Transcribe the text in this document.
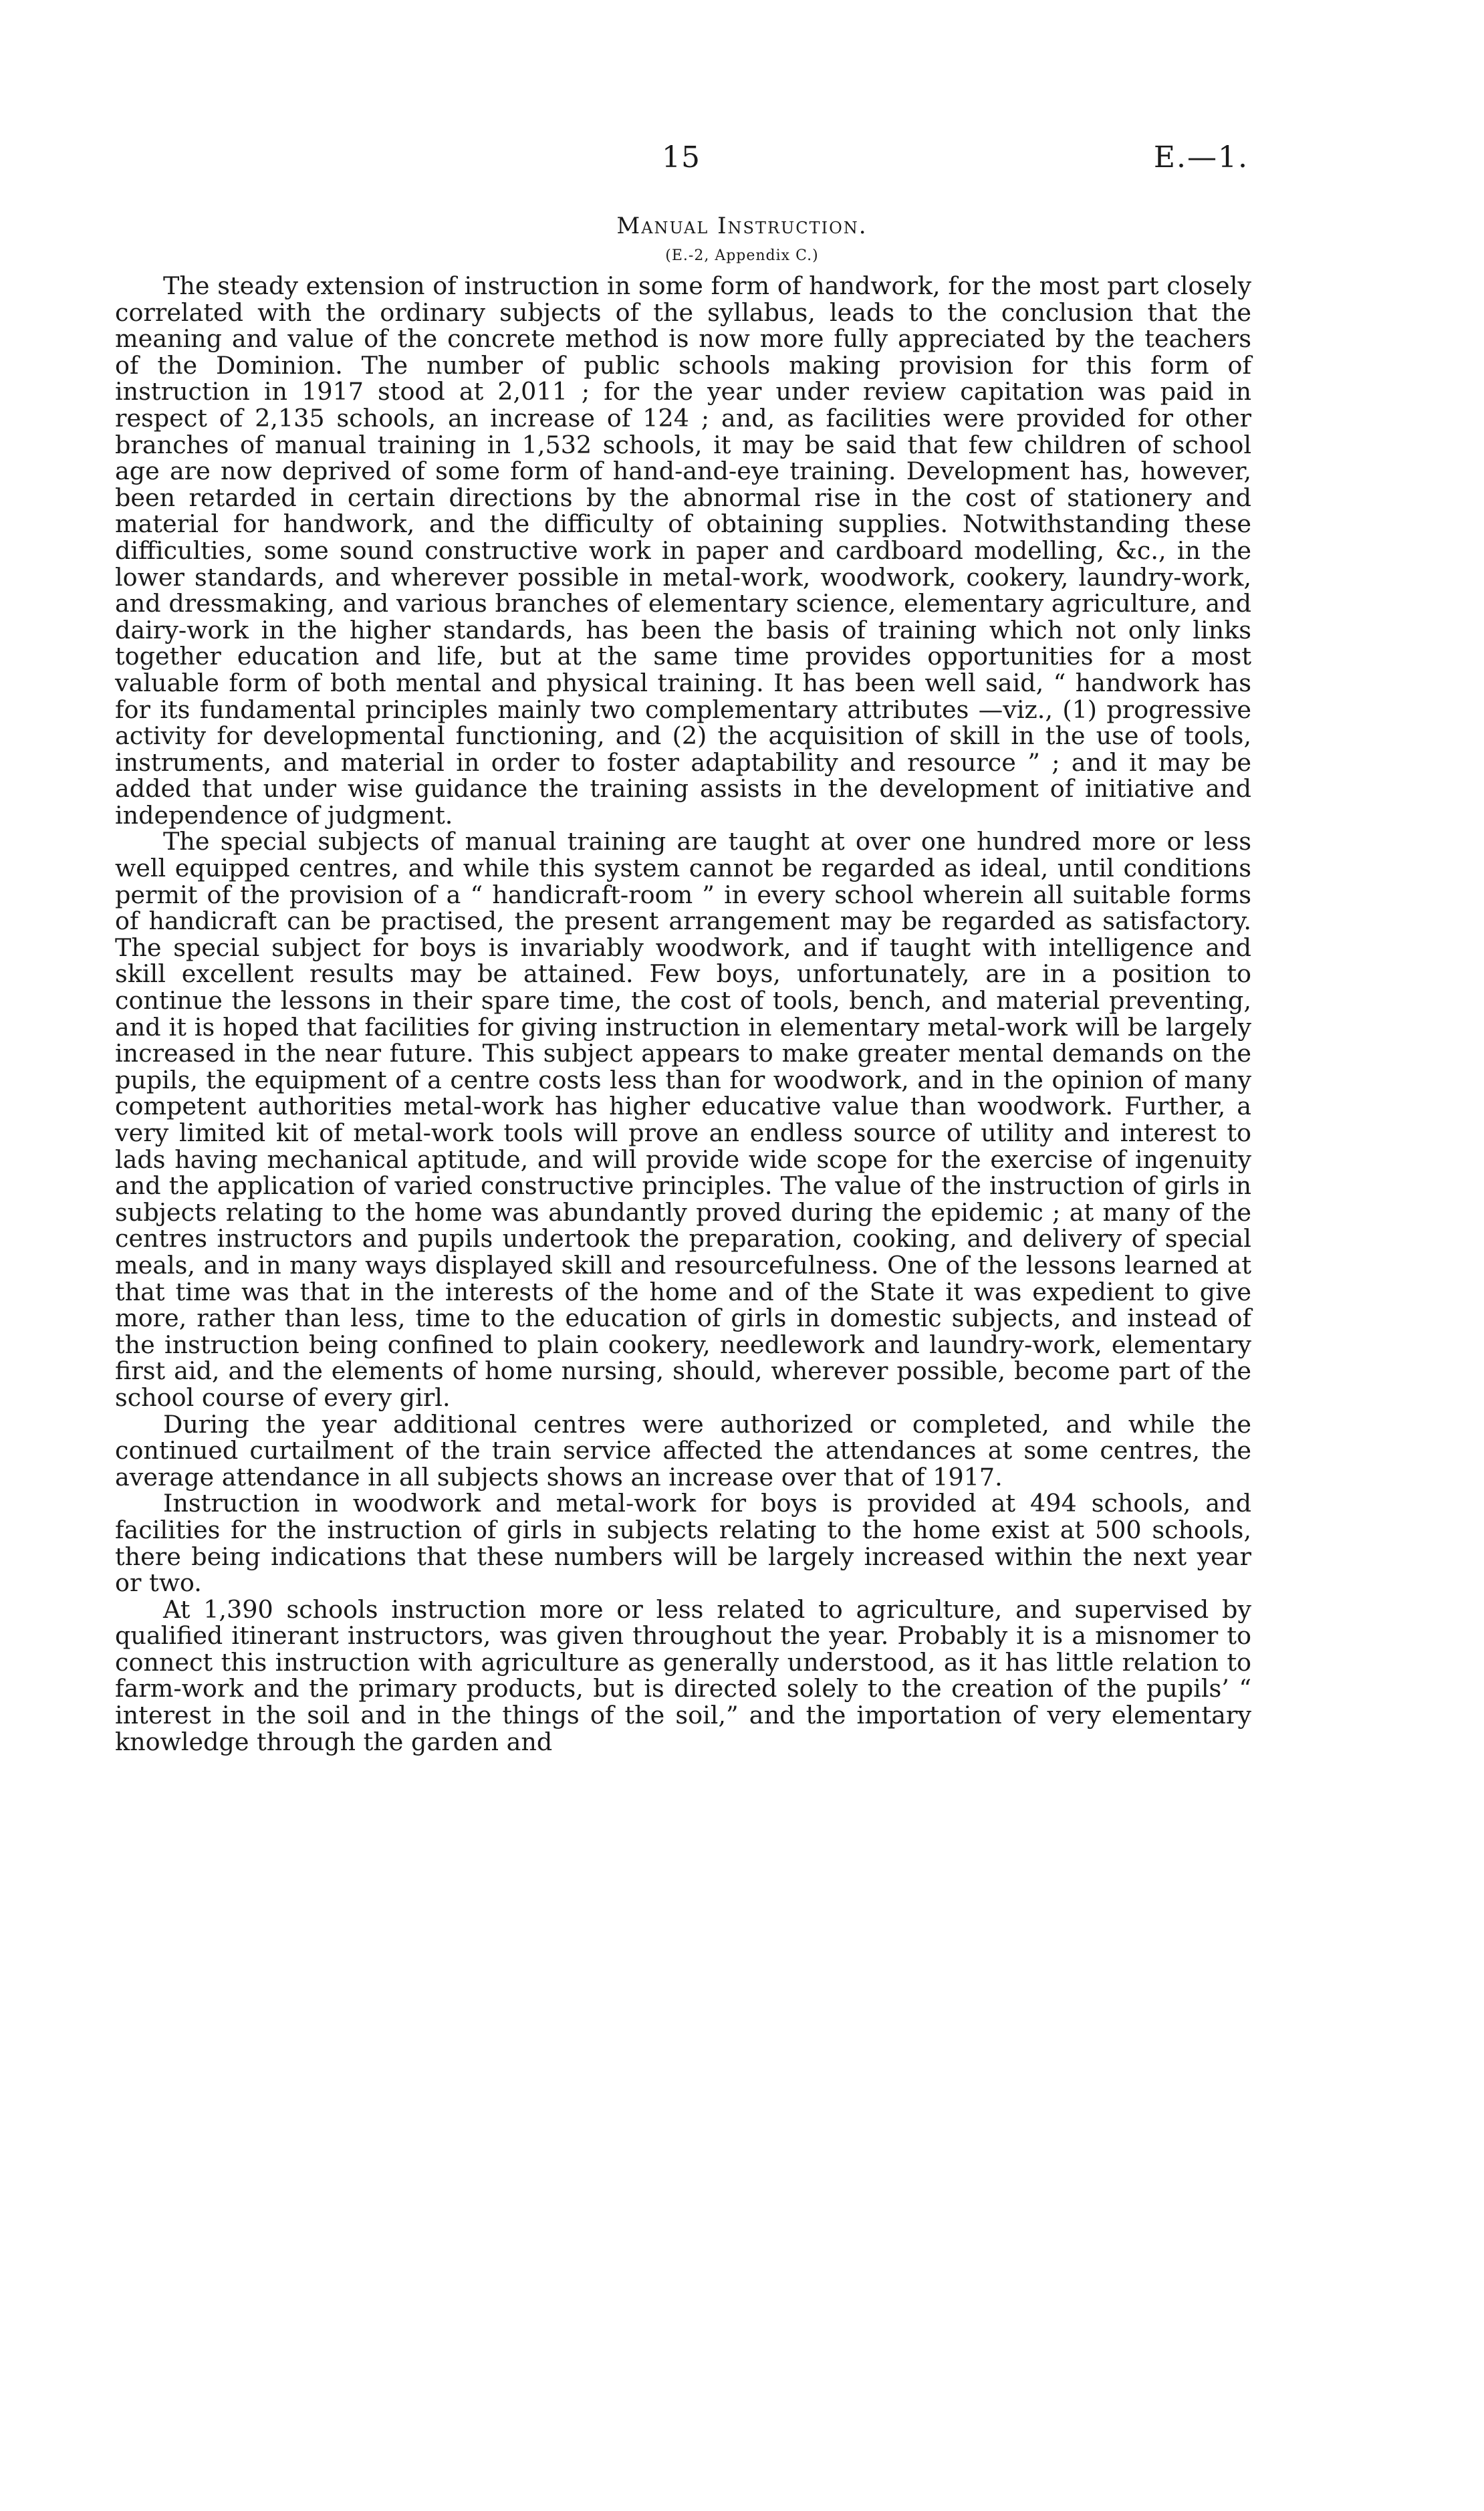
15	E.—1.
Manual Instruction.
(E.-2, Appendix C.)

The steady extension of instruction in some form of handwork, for the most part closely correlated with the ordinary subjects of the syllabus, leads to the conclusion that the meaning and value of the concrete method is now more fully appreciated by the teachers of the Dominion. The number of public schools making provision for this form of instruction in 1917 stood at 2,011 ; for the year under review capitation was paid in respect of 2,135 schools, an increase of 124 ; and, as facilities were provided for other branches of manual training in 1,532 schools, it may be said that few children of school age are now deprived of some form of hand-and-eye training. Development has, however, been retarded in certain directions by the abnormal rise in the cost of stationery and material for handwork, and the difficulty of obtaining supplies. Notwithstanding these difficulties, some sound constructive work in paper and cardboard modelling, &c., in the lower standards, and wherever possible in metal-work, woodwork, cookery, laundry-work, and dressmaking, and various branches of elementary science, elementary agriculture, and dairy-work in the higher standards, has been the basis of training which not only links together education and life, but at the same time provides opportunities for a most valuable form of both mental and physical training. It has been well said, “ handwork has for its fundamental principles mainly two complementary attributes —viz., (1) progressive activity for developmental functioning, and (2) the acquisition of skill in the use of tools, instruments, and material in order to foster adaptability and resource ” ; and it may be added that under wise guidance the training assists in the development of initiative and independence of judgment.

The special subjects of manual training are taught at over one hundred more or less well equipped centres, and while this system cannot be regarded as ideal, until conditions permit of the provision of a “ handicraft-room ” in every school wherein all suitable forms of handicraft can be practised, the present arrangement may be regarded as satisfactory. The special subject for boys is invariably woodwork, and if taught with intelligence and skill excellent results may be attained. Few boys, unfortunately, are in a position to continue the lessons in their spare time, the cost of tools, bench, and material preventing, and it is hoped that facilities for giving instruction in elementary metal-work will be largely increased in the near future. This subject appears to make greater mental demands on the pupils, the equipment of a centre costs less than for woodwork, and in the opinion of many competent authorities metal-work has higher educative value than woodwork. Further, a very limited kit of metal-work tools will prove an endless source of utility and interest to lads having mechanical aptitude, and will provide wide scope for the exercise of ingenuity and the application of varied constructive principles. The value of the instruction of girls in subjects relating to the home was abundantly proved during the epidemic ; at many of the centres instructors and pupils undertook the preparation, cooking, and delivery of special meals, and in many ways displayed skill and resourcefulness. One of the lessons learned at that time was that in the interests of the home and of the State it was expedient to give more, rather than less, time to the education of girls in domestic subjects, and instead of the instruction being confined to plain cookery, needlework and laundry-work, elementary first aid, and the elements of home nursing, should, wherever possible, become part of the school course of every girl.

During the year additional centres were authorized or completed, and while the continued curtailment of the train service affected the attendances at some centres, the average attendance in all subjects shows an increase over that of 1917.

Instruction in woodwork and metal-work for boys is provided at 494 schools, and facilities for the instruction of girls in subjects relating to the home exist at 500 schools, there being indications that these numbers will be largely increased within the next year or two.

At 1,390 schools instruction more or less related to agriculture, and supervised by qualified itinerant instructors, was given throughout the year. Probably it is a misnomer to connect this instruction with agriculture as generally understood, as it has little relation to farm-work and the primary products, but is directed solely to the creation of the pupils’ “ interest in the soil and in the things of the soil,” and the importation of very elementary knowledge through the garden and
